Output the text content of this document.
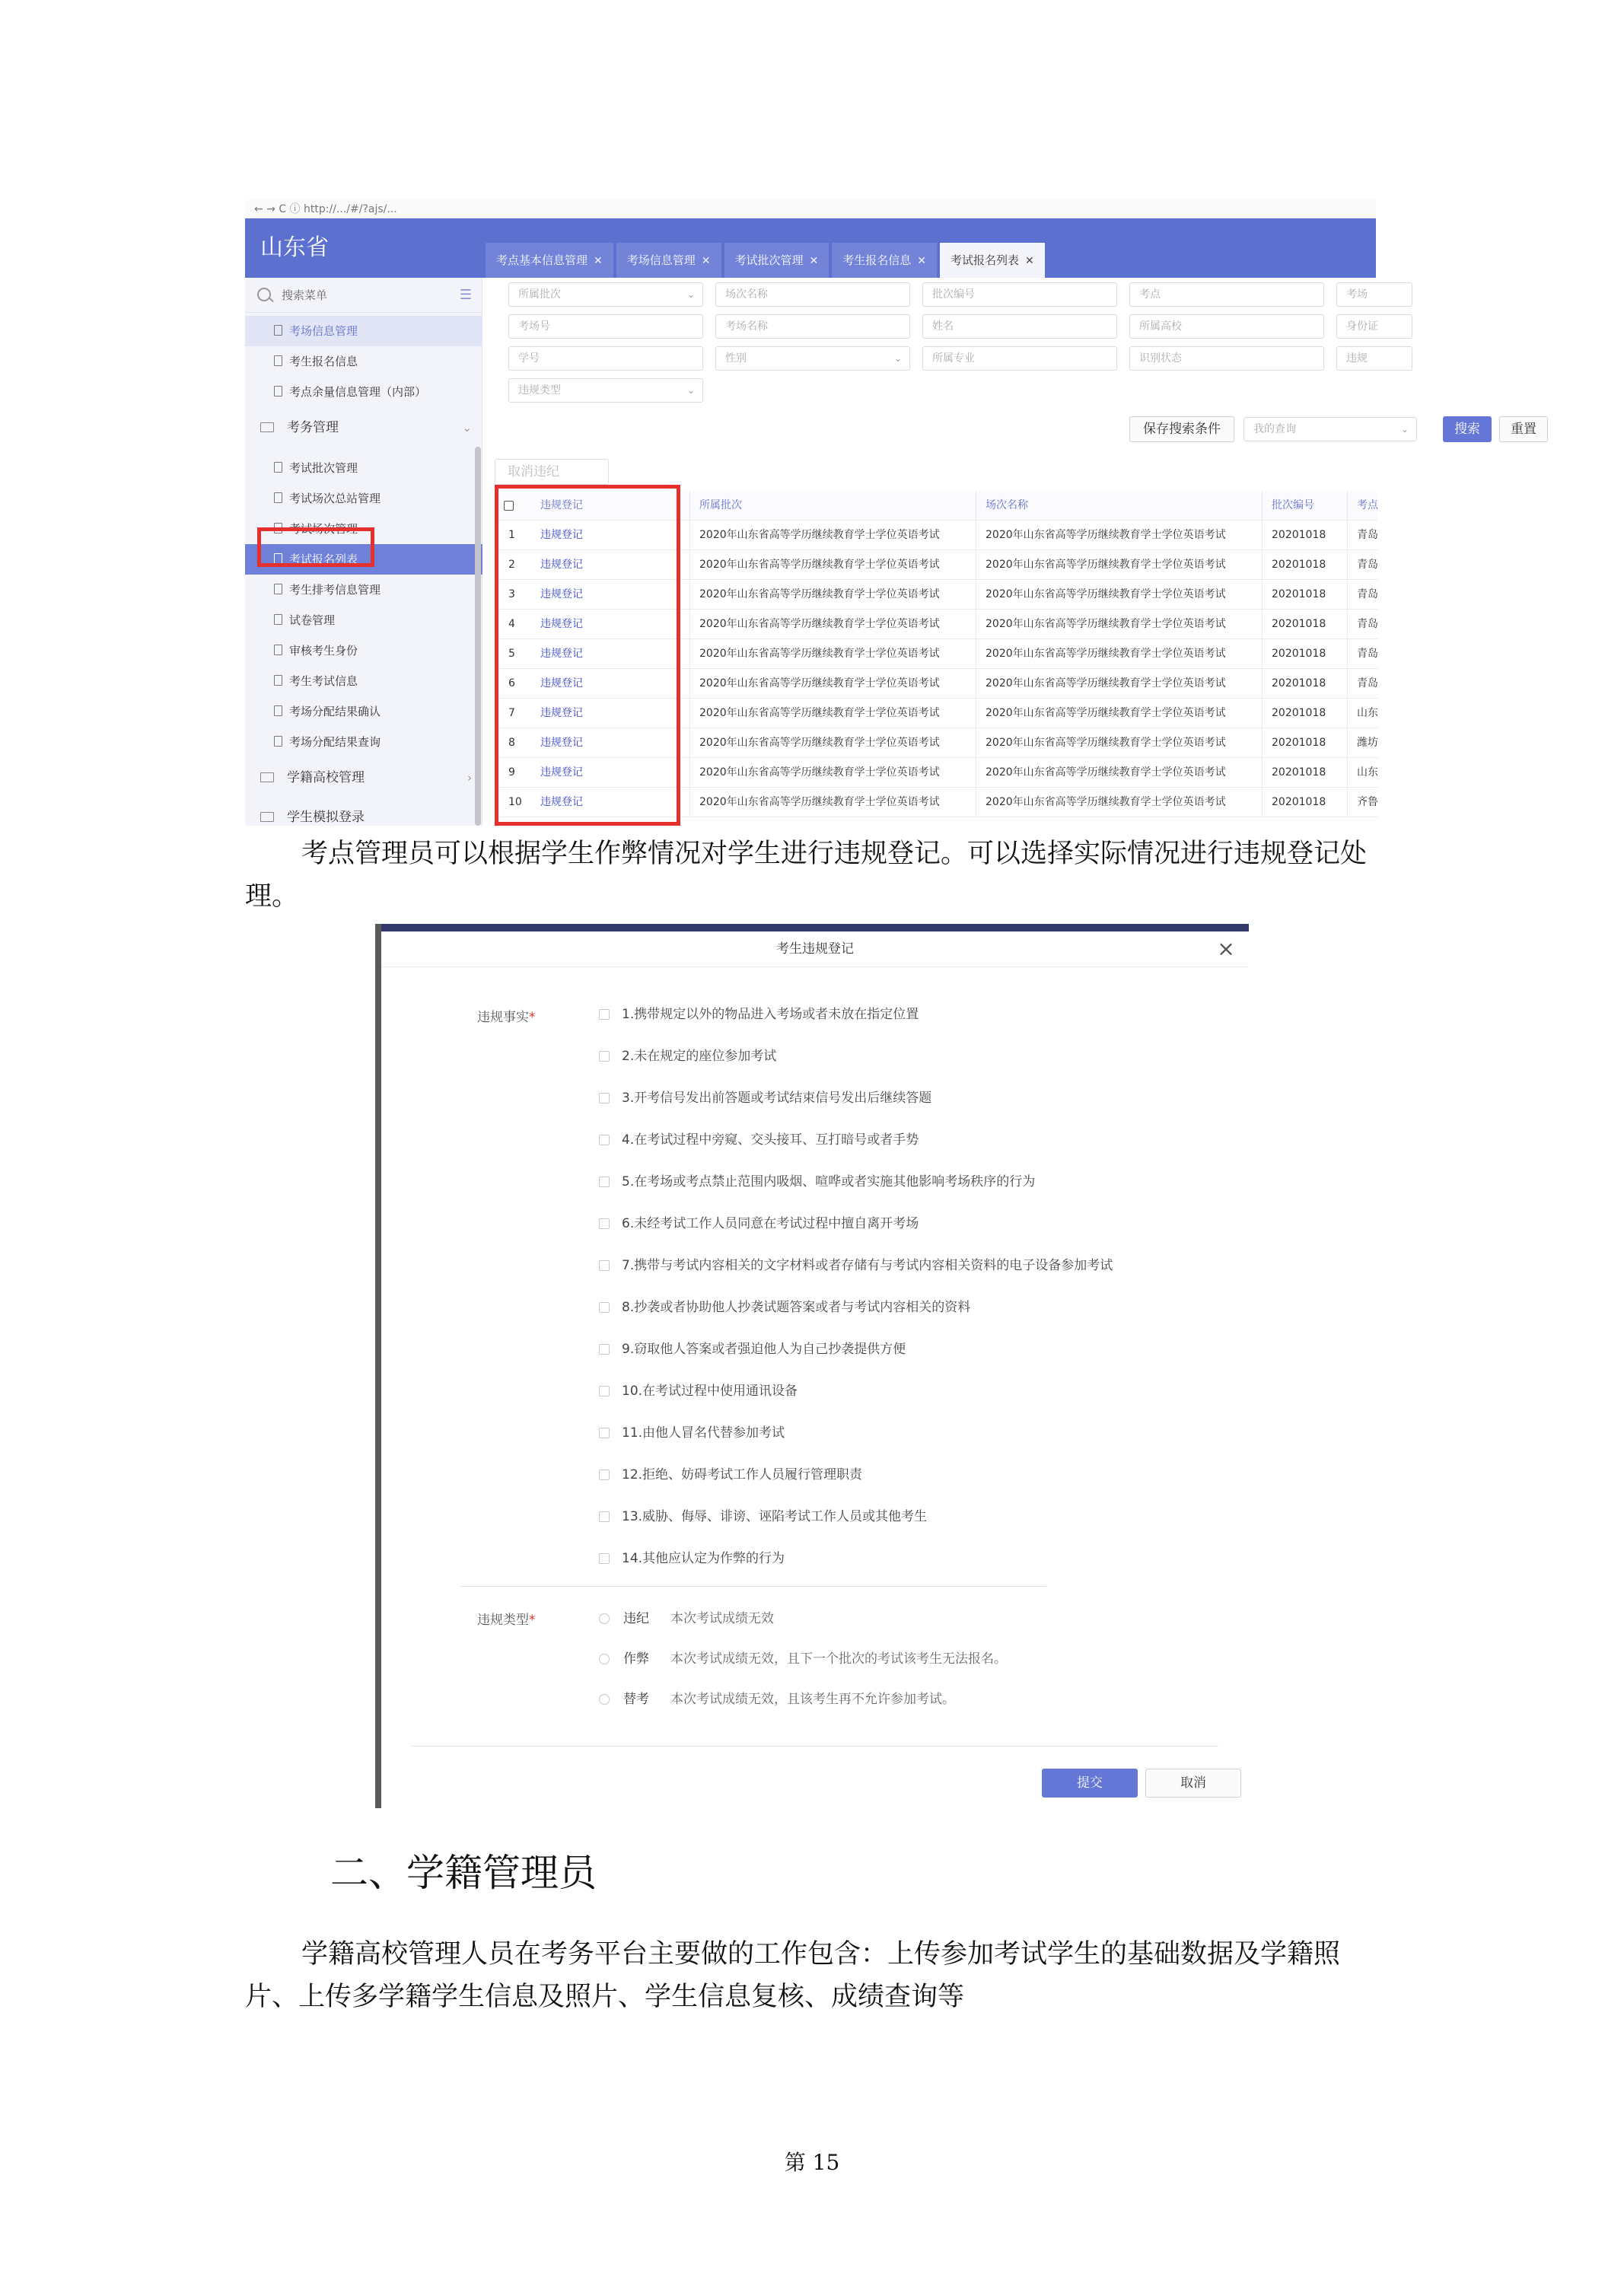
← → C ⓘ http://.../#/?ajs/...
山东省	考点基本信息管理 ✕	考场信息管理 ✕	考试批次管理 ✕	考生报名信息 ✕	考试报名列表 ✕
搜索菜单	☰
考场信息管理
考生报名信息
考点余量信息管理（内部）
考务管理	⌄
考试批次管理
考试场次总站管理
考试场次管理
考试报名列表
考生排考信息管理
试卷管理
审核考生身份
考生考试信息
考场分配结果确认
考场分配结果查询
学籍高校管理	›
学生模拟登录
所属批次	⌄	场次名称	批次编号	考点	考场
考场号	考场名称	姓名	所属高校	身份证
学号	性别	⌄	所属专业	识别状态	违规
违规类型	⌄
保存搜索条件	我的查询	⌄	搜索	重置
取消违纪
违规登记	所属批次	场次名称	批次编号	考点
1	违规登记	2020年山东省高等学历继续教育学士学位英语考试	2020年山东省高等学历继续教育学士学位英语考试	20201018	青岛
2	违规登记	2020年山东省高等学历继续教育学士学位英语考试	2020年山东省高等学历继续教育学士学位英语考试	20201018	青岛
3	违规登记	2020年山东省高等学历继续教育学士学位英语考试	2020年山东省高等学历继续教育学士学位英语考试	20201018	青岛
4	违规登记	2020年山东省高等学历继续教育学士学位英语考试	2020年山东省高等学历继续教育学士学位英语考试	20201018	青岛
5	违规登记	2020年山东省高等学历继续教育学士学位英语考试	2020年山东省高等学历继续教育学士学位英语考试	20201018	青岛
6	违规登记	2020年山东省高等学历继续教育学士学位英语考试	2020年山东省高等学历继续教育学士学位英语考试	20201018	青岛
7	违规登记	2020年山东省高等学历继续教育学士学位英语考试	2020年山东省高等学历继续教育学士学位英语考试	20201018	山东
8	违规登记	2020年山东省高等学历继续教育学士学位英语考试	2020年山东省高等学历继续教育学士学位英语考试	20201018	潍坊
9	违规登记	2020年山东省高等学历继续教育学士学位英语考试	2020年山东省高等学历继续教育学士学位英语考试	20201018	山东
10	违规登记	2020年山东省高等学历继续教育学士学位英语考试	2020年山东省高等学历继续教育学士学位英语考试	20201018	齐鲁
考点管理员可以根据学生作弊情况对学生进行违规登记。可以选择实际情况进行违规登记处理。
考生违规登记	×
违规事实*	1.携带规定以外的物品进入考场或者未放在指定位置
2.未在规定的座位参加考试
3.开考信号发出前答题或考试结束信号发出后继续答题
4.在考试过程中旁窥、交头接耳、互打暗号或者手势
5.在考场或考点禁止范围内吸烟、喧哗或者实施其他影响考场秩序的行为
6.未经考试工作人员同意在考试过程中擅自离开考场
7.携带与考试内容相关的文字材料或者存储有与考试内容相关资料的电子设备参加考试
8.抄袭或者协助他人抄袭试题答案或者与考试内容相关的资料
9.窃取他人答案或者强迫他人为自己抄袭提供方便
10.在考试过程中使用通讯设备
11.由他人冒名代替参加考试
12.拒绝、妨碍考试工作人员履行管理职责
13.威胁、侮辱、诽谤、诬陷考试工作人员或其他考生
14.其他应认定为作弊的行为
违规类型*	违纪 本次考试成绩无效
作弊 本次考试成绩无效，且下一个批次的考试该考生无法报名。
替考 本次考试成绩无效，且该考生再不允许参加考试。
提交	取消
二、学籍管理员
学籍高校管理人员在考务平台主要做的工作包含：上传参加考试学生的基础数据及学籍照片、上传多学籍学生信息及照片、学生信息复核、成绩查询等
第 15
